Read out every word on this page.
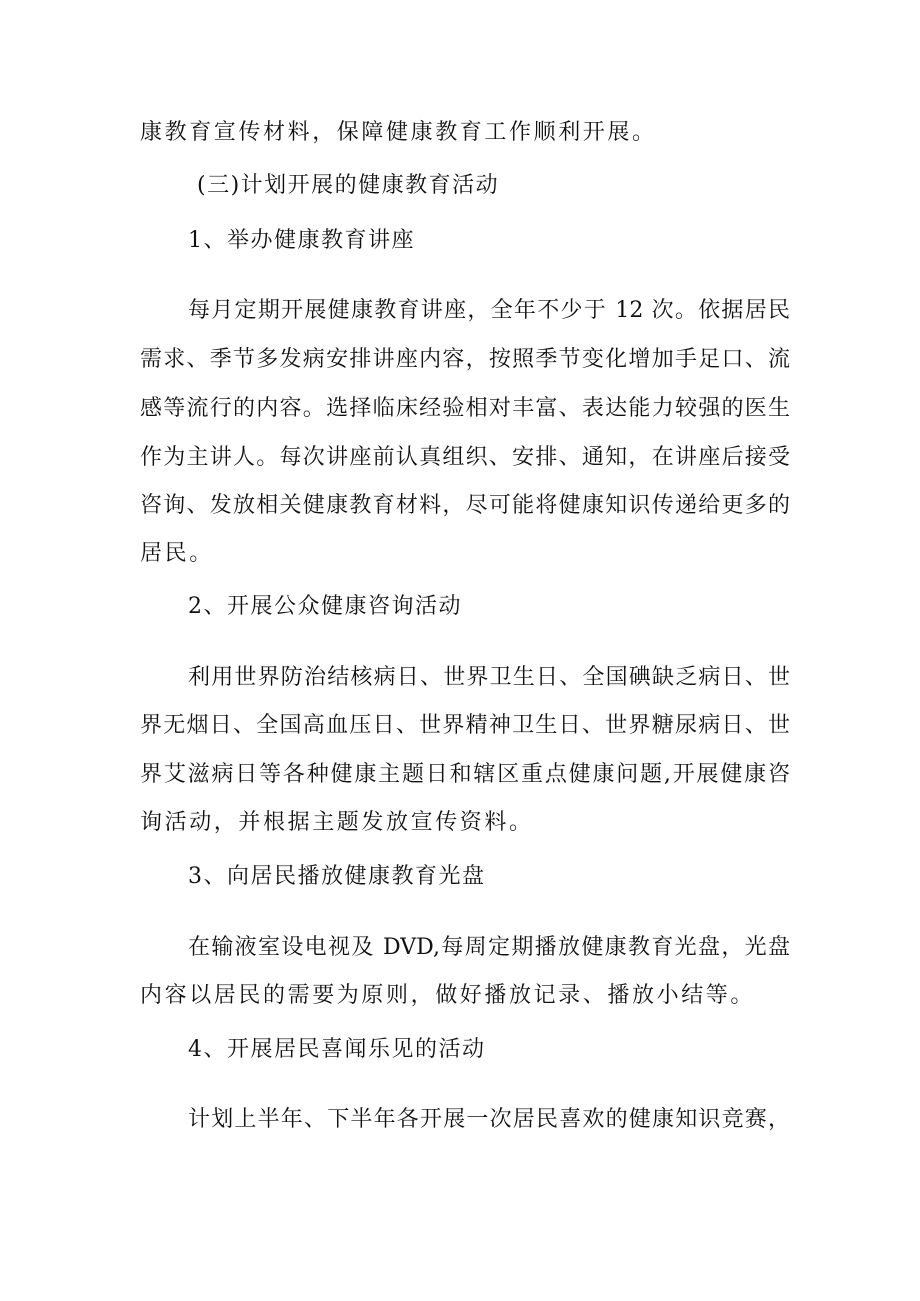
康教育宣传材料，保障健康教育工作顺利开展。
(三)计划开展的健康教育活动
1、举办健康教育讲座
每月定期开展健康教育讲座，全年不少于 12 次。依据居民
需求、季节多发病安排讲座内容，按照季节变化增加手足口、流
感等流行的内容。选择临床经验相对丰富、表达能力较强的医生
作为主讲人。每次讲座前认真组织、安排、通知，在讲座后接受
咨询、发放相关健康教育材料，尽可能将健康知识传递给更多的
居民。
2、开展公众健康咨询活动
利用世界防治结核病日、世界卫生日、全国碘缺乏病日、世
界无烟日、全国高血压日、世界精神卫生日、世界糖尿病日、世
界艾滋病日等各种健康主题日和辖区重点健康问题,开展健康咨
询活动，并根据主题发放宣传资料。
3、向居民播放健康教育光盘
在输液室设电视及 DVD,每周定期播放健康教育光盘，光盘
内容以居民的需要为原则，做好播放记录、播放小结等。
4、开展居民喜闻乐见的活动
计划上半年、下半年各开展一次居民喜欢的健康知识竞赛，
